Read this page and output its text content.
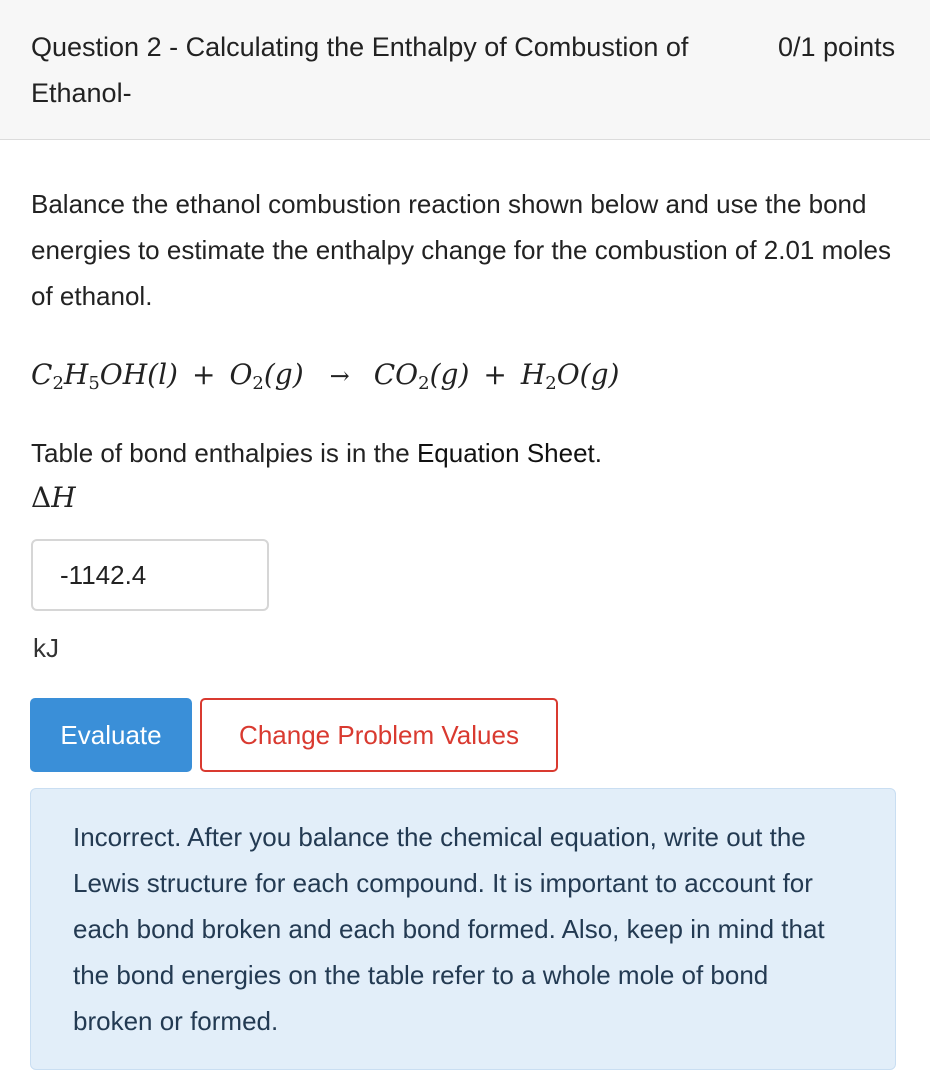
Question 2 - Calculating the Enthalpy of Combustion of Ethanol-
0/1 points
Balance the ethanol combustion reaction shown below and use the bond energies to estimate the enthalpy change for the combustion of 2.01 moles of ethanol.
$C_2H_5OH(l) + O_2(g) \to CO_2(g) + H_2O(g)$
Table of bond enthalpies is in the Equation Sheet.
ΔH
-1142.4
kJ
Evaluate	Change Problem Values
Incorrect. After you balance the chemical equation, write out the Lewis structure for each compound. It is important to account for each bond broken and each bond formed. Also, keep in mind that the bond energies on the table refer to a whole mole of bond broken or formed.
